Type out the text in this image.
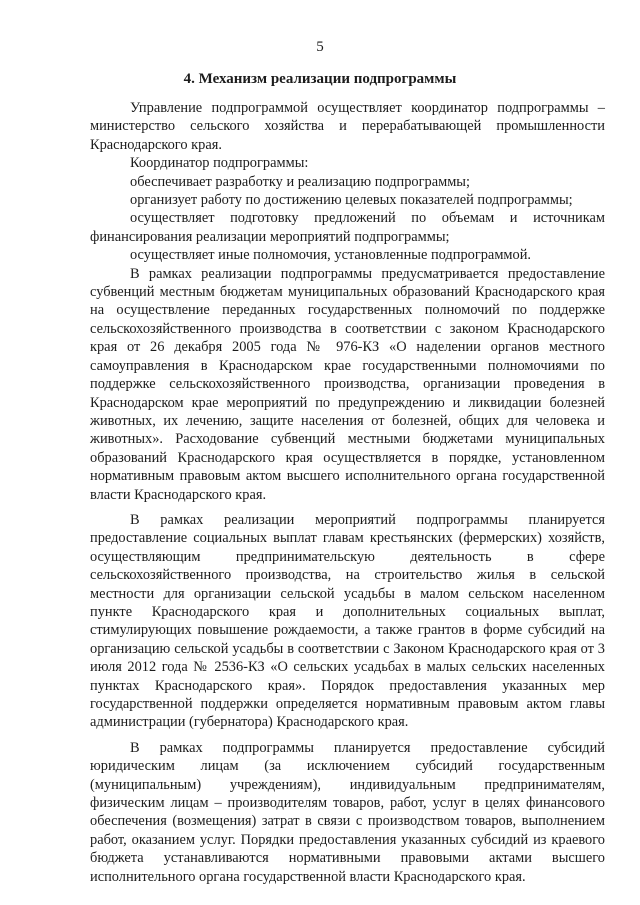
5
4. Механизм реализации подпрограммы

Управление подпрограммой осуществляет координатор подпрограммы – министерство сельского хозяйства и перерабатывающей промышленности Краснодарского края.

Координатор подпрограммы:

обеспечивает разработку и реализацию подпрограммы;

организует работу по достижению целевых показателей подпрограммы;

осуществляет подготовку предложений по объемам и источникам финансирования реализации мероприятий подпрограммы;

осуществляет иные полномочия, установленные подпрограммой.

В рамках реализации подпрограммы предусматривается предоставление субвенций местным бюджетам муниципальных образований Краснодарского края на осуществление переданных государственных полномочий по поддержке сельскохозяйственного производства в соответствии с законом Краснодарского края от 26 декабря 2005 года № 976-КЗ «О наделении органов местного самоуправления в Краснодарском крае государственными полномочиями по поддержке сельскохозяйственного производства, организации проведения в Краснодарском крае мероприятий по предупреждению и ликвидации болезней животных, их лечению, защите населения от болезней, общих для человека и животных». Расходование субвенций местными бюджетами муниципальных образований Краснодарского края осуществляется в порядке, установленном нормативным правовым актом высшего исполнительного органа государственной власти Краснодарского края.

В рамках реализации мероприятий подпрограммы планируется предоставление социальных выплат главам крестьянских (фермерских) хозяйств, осуществляющим предпринимательскую деятельность в сфере сельскохозяйственного производства, на строительство жилья в сельской местности для организации сельской усадьбы в малом сельском населенном пункте Краснодарского края и дополнительных социальных выплат, стимулирующих повышение рождаемости, а также грантов в форме субсидий на организацию сельской усадьбы в соответствии с Законом Краснодарского края от 3 июля 2012 года № 2536-КЗ «О сельских усадьбах в малых сельских населенных пунктах Краснодарского края». Порядок предоставления указанных мер государственной поддержки определяется нормативным правовым актом главы администрации (губернатора) Краснодарского края.

В рамках подпрограммы планируется предоставление субсидий юридическим лицам (за исключением субсидий государственным (муниципальным) учреждениям), индивидуальным предпринимателям, физическим лицам – производителям товаров, работ, услуг в целях финансового обеспечения (возмещения) затрат в связи с производством товаров, выполнением работ, оказанием услуг. Порядки предоставления указанных субсидий из краевого бюджета устанавливаются нормативными правовыми актами высшего исполнительного органа государственной власти Краснодарского края.
